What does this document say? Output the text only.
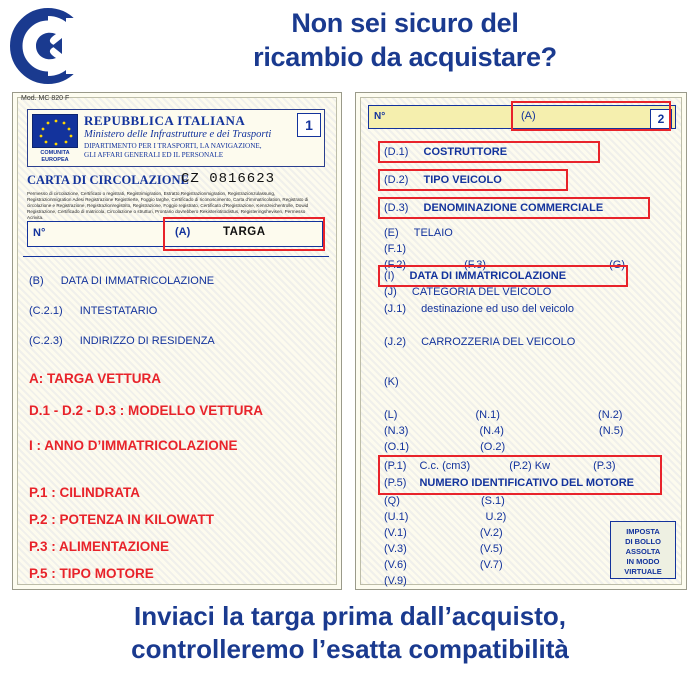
Non sei sicuro del
ricambio da acquistare?
Mod. MC 820 F
COMUNITA
EUROPEA
REPUBBLICA ITALIANA
Ministero delle Infrastrutture e dei Trasporti
DIPARTIMENTO PER I TRASPORTI, LA NAVIGAZIONE,
GLI AFFARI GENERALI ED IL PERSONALE
1
CARTA DI CIRCOLAZIONE
CZ 0816623
Permesso di circolazione, Certificato o registrati, Registrimigration, Estratto,Registrazionmigration, Registrazionzulassung, Registrazionmigration Adesi Registrazione Registrierte, Foggio targhe, Certificado di riconoscimento, Carta d'immatricolation, Registrato di circolazione e Registrazione, Registrazionregistrito, Registrazione, Foggio registrato, Certificato d'Registrazione, Kennzeichentrolle, Dowid Registrazione, Certificado di matricola, Circolazione o strutturi, Prontario dovrebbero Rekisteriotitodistus, Registeringshevisen, Permesso Acrivita.
N°	(A)	TARGA
(B) DATA DI IMMATRICOLAZIONE
(C.2.1) INTESTATARIO
(C.2.3) INDIRIZZO DI RESIDENZA
A: TARGA VETTURA
D.1 - D.2 - D.3 : MODELLO VETTURA
I : ANNO D’IMMATRICOLAZIONE
P.1 : CILINDRATA
P.2 : POTENZA IN KILOWATT
P.3 : ALIMENTAZIONE
P.5 : TIPO MOTORE
N°	2
(A)
(D.1) COSTRUTTORE
(D.2) TIPO VEICOLO
(D.3) DENOMINAZIONE COMMERCIALE
(E) TELAIO
(F.1)
(F.2)	(F.3)	(G)
(I) DATA DI IMMATRICOLAZIONE
(J) CATEGORIA DEL VEICOLO
(J.1) destinazione ed uso del veicolo
(J.2) CARROZZERIA DEL VEICOLO
(K)
(L)	(N.1)	(N.2)
(N.3)	(N.4)	(N.5)
(O.1)	(O.2)
(P.1) C.c. (cm3)	(P.2) Kw	(P.3)
(P.5) NUMERO IDENTIFICATIVO DEL MOTORE
(Q)	(S.1)
(U.1)	U.2)
(V.1)	(V.2)
(V.3)	(V.5)
(V.6)	(V.7)
(V.9)
IMPOSTA
DI BOLLO
ASSOLTA
IN MODO
VIRTUALE
Inviaci la targa prima dall’acquisto,
controlleremo l’esatta compatibilità
